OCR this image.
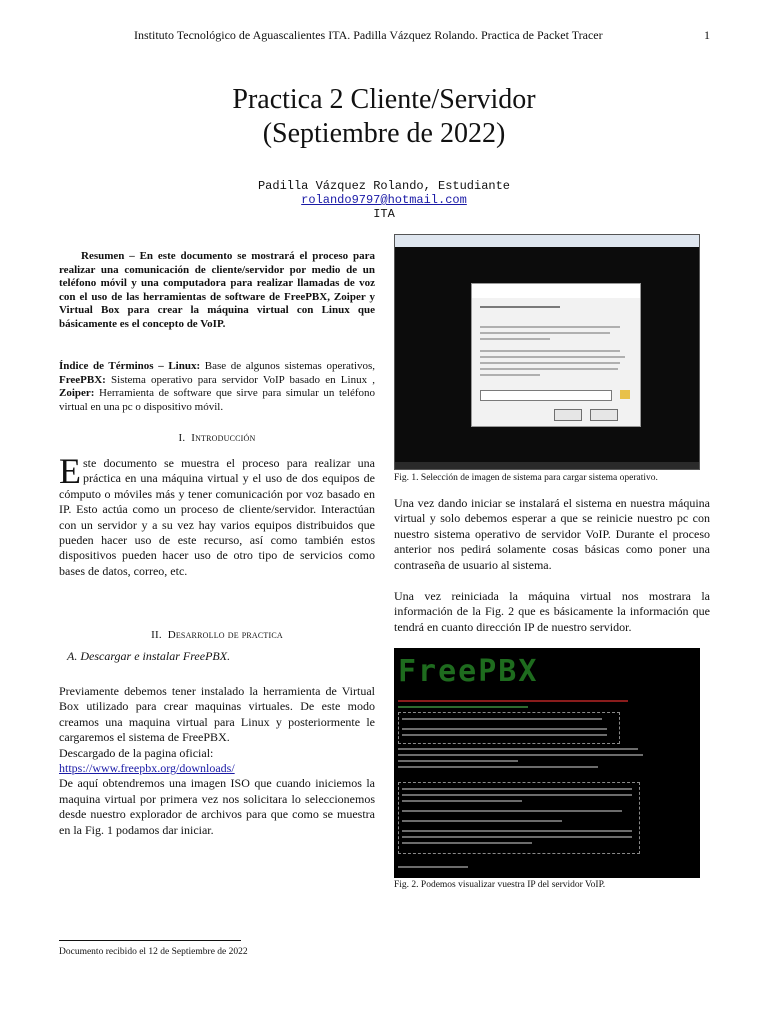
Instituto Tecnológico de Aguascalientes ITA. Padilla Vázquez Rolando. Practica de Packet Tracer	1
Practica 2 Cliente/Servidor
(Septiembre de 2022)
Padilla Vázquez Rolando, Estudiante
rolando9797@hotmail.com
ITA
Resumen – En este documento se mostrará el proceso para realizar una comunicación de cliente/servidor por medio de un teléfono móvil y una computadora para realizar llamadas de voz con el uso de las herramientas de software de FreePBX, Zoiper y Virtual Box para crear la máquina virtual con Linux que básicamente es el concepto de VoIP.
Índice de Términos – Linux: Base de algunos sistemas operativos, FreePBX: Sistema operativo para servidor VoIP basado en Linux , Zoiper: Herramienta de software que sirve para simular un teléfono virtual en una pc o dispositivo móvil.
I. Introducción
Este documento se muestra el proceso para realizar una práctica en una máquina virtual y el uso de dos equipos de cómputo o móviles más y tener comunicación por voz basado en IP. Esto actúa como un proceso de cliente/servidor. Interactúan con un servidor y a su vez hay varios equipos distribuidos que pueden hacer uso de este recurso, así como también estos dispositivos pueden hacer uso de otro tipo de servicios como bases de datos, correo, etc.
II. Desarrollo de practica
A. Descargar e instalar FreePBX.
Previamente debemos tener instalado la herramienta de Virtual Box utilizado para crear maquinas virtuales. De este modo creamos una maquina virtual para Linux y posteriormente le cargaremos el sistema de FreePBX.
Descargado de la pagina oficial:
https://www.freepbx.org/downloads/
De aquí obtendremos una imagen ISO que cuando iniciemos la maquina virtual por primera vez nos solicitara lo seleccionemos desde nuestro explorador de archivos para que como se muestra en la Fig. 1 podamos dar iniciar.
Fig. 1. Selección de imagen de sistema para cargar sistema operativo.
Una vez dando iniciar se instalará el sistema en nuestra máquina virtual y solo debemos esperar a que se reinicie nuestro pc con nuestro sistema operativo de servidor VoIP. Durante el proceso anterior nos pedirá solamente cosas básicas como poner una contraseña de usuario al sistema.
Una vez reiniciada la máquina virtual nos mostrara la información de la Fig. 2 que es básicamente la información que tendrá en cuanto dirección IP de nuestro servidor.
FreePBX
Fig. 2. Podemos visualizar vuestra IP del servidor VoIP.
Documento recibido el 12 de Septiembre de 2022
